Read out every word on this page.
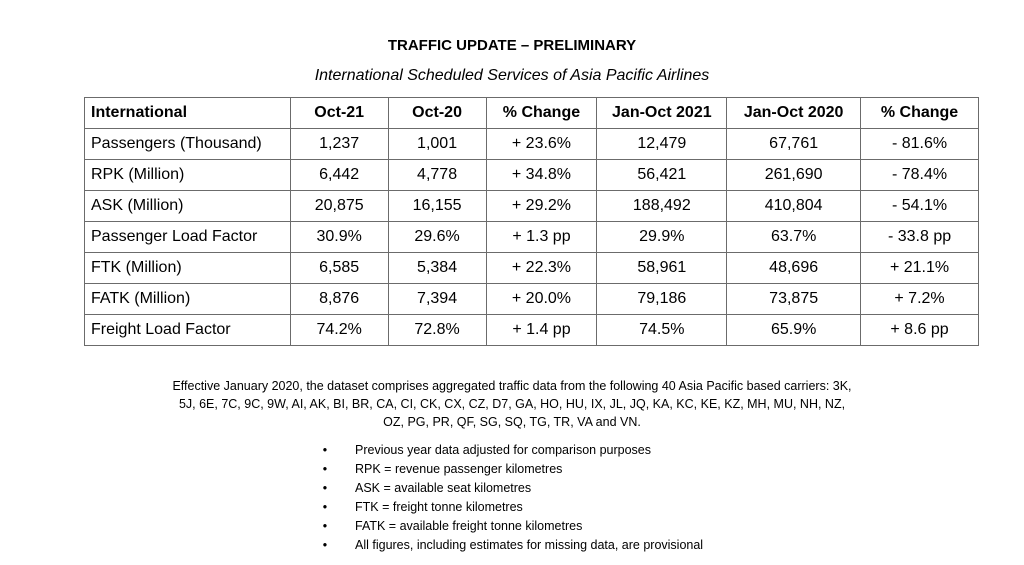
TRAFFIC UPDATE – PRELIMINARY
International Scheduled Services of Asia Pacific Airlines
International	Oct-21	Oct-20	% Change	Jan-Oct 2021	Jan-Oct 2020	% Change
Passengers (Thousand)	1,237	1,001	+ 23.6%	12,479	67,761	- 81.6%
RPK (Million)	6,442	4,778	+ 34.8%	56,421	261,690	- 78.4%
ASK (Million)	20,875	16,155	+ 29.2%	188,492	410,804	- 54.1%
Passenger Load Factor	30.9%	29.6%	+ 1.3 pp	29.9%	63.7%	- 33.8 pp
FTK (Million)	6,585	5,384	+ 22.3%	58,961	48,696	+ 21.1%
FATK (Million)	8,876	7,394	+ 20.0%	79,186	73,875	+ 7.2%
Freight Load Factor	74.2%	72.8%	+ 1.4 pp	74.5%	65.9%	+ 8.6 pp
Effective January 2020, the dataset comprises aggregated traffic data from the following 40 Asia Pacific based carriers: 3K,
5J, 6E, 7C, 9C, 9W, AI, AK, BI, BR, CA, CI, CK, CX, CZ, D7, GA, HO, HU, IX, JL, JQ, KA, KC, KE, KZ, MH, MU, NH, NZ,
OZ, PG, PR, QF, SG, SQ, TG, TR, VA and VN.
• Previous year data adjusted for comparison purposes
• RPK = revenue passenger kilometres
• ASK = available seat kilometres
• FTK = freight tonne kilometres
• FATK = available freight tonne kilometres
• All figures, including estimates for missing data, are provisional
